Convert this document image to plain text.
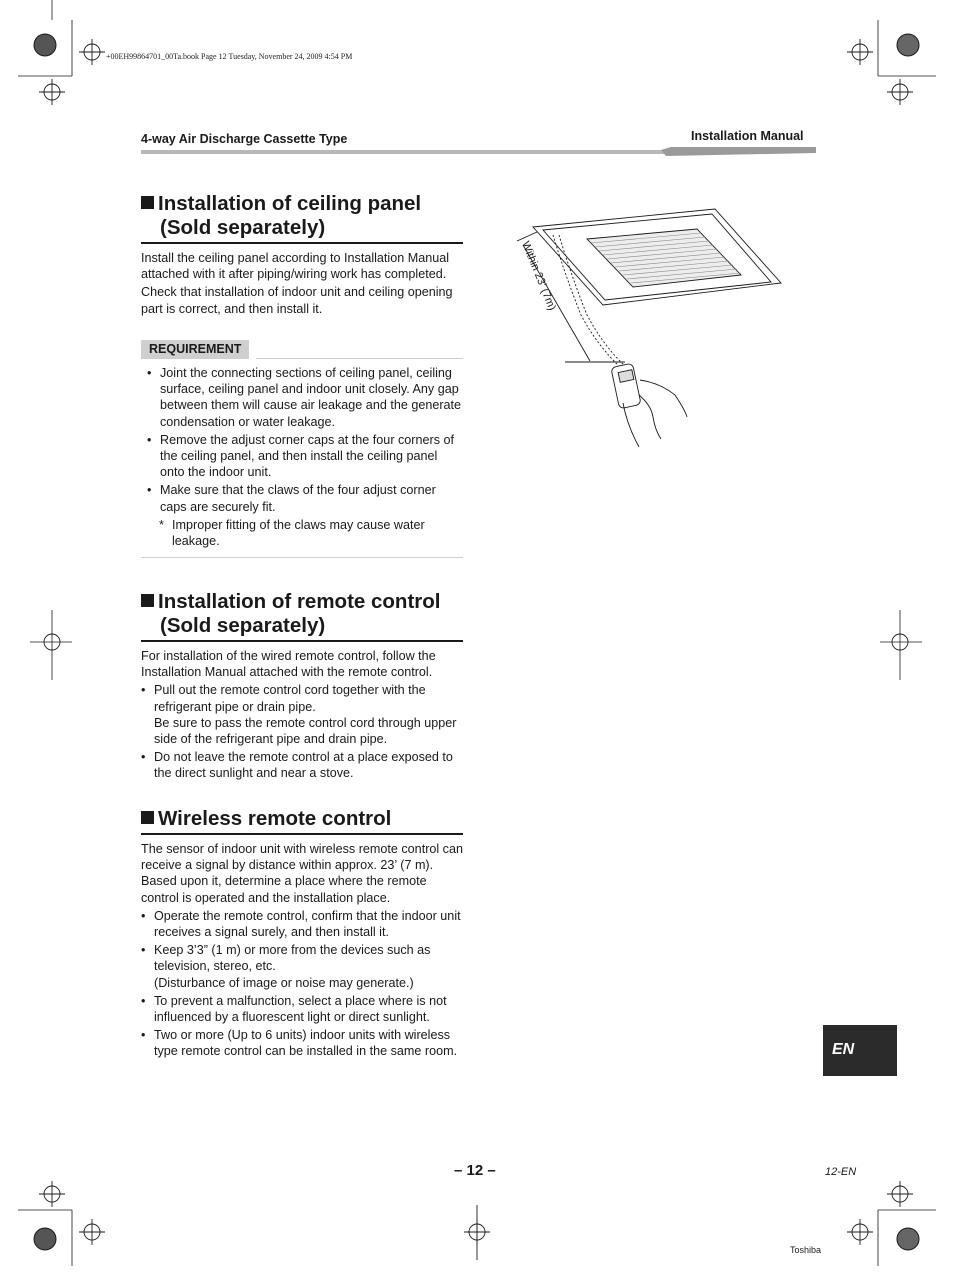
+00EH99864701_00Ta.book Page 12 Tuesday, November 24, 2009 4:54 PM
4-way Air Discharge Cassette Type	Installation Manual
Installation of ceiling panel
(Sold separately)

Install the ceiling panel according to Installation Manual attached with it after piping/wiring work has completed.

Check that installation of indoor unit and ceiling opening part is correct, and then install it.

REQUIREMENT
• Joint the connecting sections of ceiling panel, ceiling surface, ceiling panel and indoor unit closely. Any gap between them will cause air leakage and the generate condensation or water leakage.
• Remove the adjust corner caps at the four corners of the ceiling panel, and then install the ceiling panel onto the indoor unit.
• Make sure that the claws of the four adjust corner caps are securely fit.
* Improper fitting of the claws may cause water leakage.
Installation of remote control
(Sold separately)

For installation of the wired remote control, follow the Installation Manual attached with the remote control.

• Pull out the remote control cord together with the refrigerant pipe or drain pipe.
Be sure to pass the remote control cord through upper side of the refrigerant pipe and drain pipe.
• Do not leave the remote control at a place exposed to the direct sunlight and near a stove.
Wireless remote control

The sensor of indoor unit with wireless remote control can receive a signal by distance within approx. 23’ (7 m). Based upon it, determine a place where the remote control is operated and the installation place.

• Operate the remote control, confirm that the indoor unit receives a signal surely, and then install it.
• Keep 3’3” (1 m) or more from the devices such as television, stereo, etc.
(Disturbance of image or noise may generate.)
• To prevent a malfunction, select a place where is not influenced by a fluorescent light or direct sunlight.
• Two or more (Up to 6 units) indoor units with wireless type remote control can be installed in the same room.
Within 23’ (7m)
EN
– 12 –	12-EN
Toshiba
